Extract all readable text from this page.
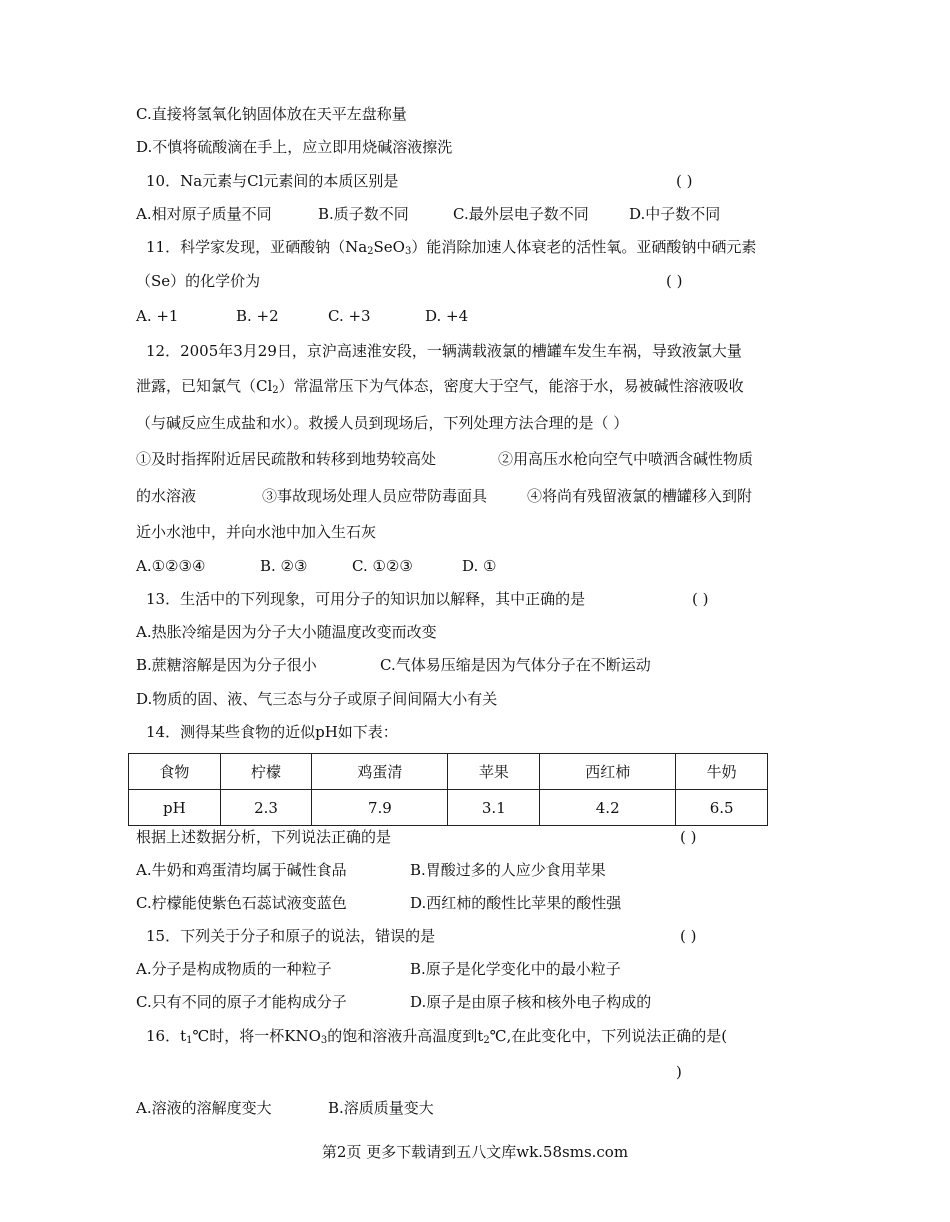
C.直接将氢氧化钠固体放在天平左盘称量
D.不慎将硫酸滴在手上，应立即用烧碱溶液擦洗
10．Na元素与Cl元素间的本质区别是	( )
A.相对原子质量不同	B.质子数不同	C.最外层电子数不同	D.中子数不同
11．科学家发现，亚硒酸钠$(Na_2SeO_3)$能消除加速人体衰老的活性氧。亚硒酸钠中硒元素
（Se）的化学价为	( )
A. +1	B. +2	C. +3	D. +4
12．2005年3月29日，京沪高速淮安段，一辆满载液氯的槽罐车发生车祸，导致液氯大量
泄露，已知氯气$(Cl_2)$常温常压下为气体态，密度大于空气，能溶于水，易被碱性溶液吸收
（与碱反应生成盐和水）。救援人员到现场后，下列处理方法合理的是（ ）
①及时指挥附近居民疏散和转移到地势较高处	②用高压水枪向空气中喷洒含碱性物质
的水溶液	③事故现场处理人员应带防毒面具	④将尚有残留液氯的槽罐移入到附
近小水池中，并向水池中加入生石灰
A.①②③④	B. ②③	C. ①②③	D. ①
13．生活中的下列现象，可用分子的知识加以解释，其中正确的是	( )
A.热胀冷缩是因为分子大小随温度改变而改变
B.蔗糖溶解是因为分子很小	C.气体易压缩是因为气体分子在不断运动
D.物质的固、液、气三态与分子或原子间间隔大小有关
14．测得某些食物的近似pH如下表：
食物	柠檬	鸡蛋清	苹果	西红柿	牛奶
pH	2.3	7.9	3.1	4.2	6.5
根据上述数据分析，下列说法正确的是	( )
A.牛奶和鸡蛋清均属于碱性食品	B.胃酸过多的人应少食用苹果
C.柠檬能使紫色石蕊试液变蓝色	D.西红柿的酸性比苹果的酸性强
15．下列关于分子和原子的说法，错误的是	( )
A.分子是构成物质的一种粒子	B.原子是化学变化中的最小粒子
C.只有不同的原子才能构成分子	D.原子是由原子核和核外电子构成的
16．$t_1℃$时，将一杯$KNO_3$的饱和溶液升高温度到$t_2℃$,在此变化中，下列说法正确的是(
)
A.溶液的溶解度变大	B.溶质质量变大
第2页 更多下载请到五八文库wk.58sms.com
